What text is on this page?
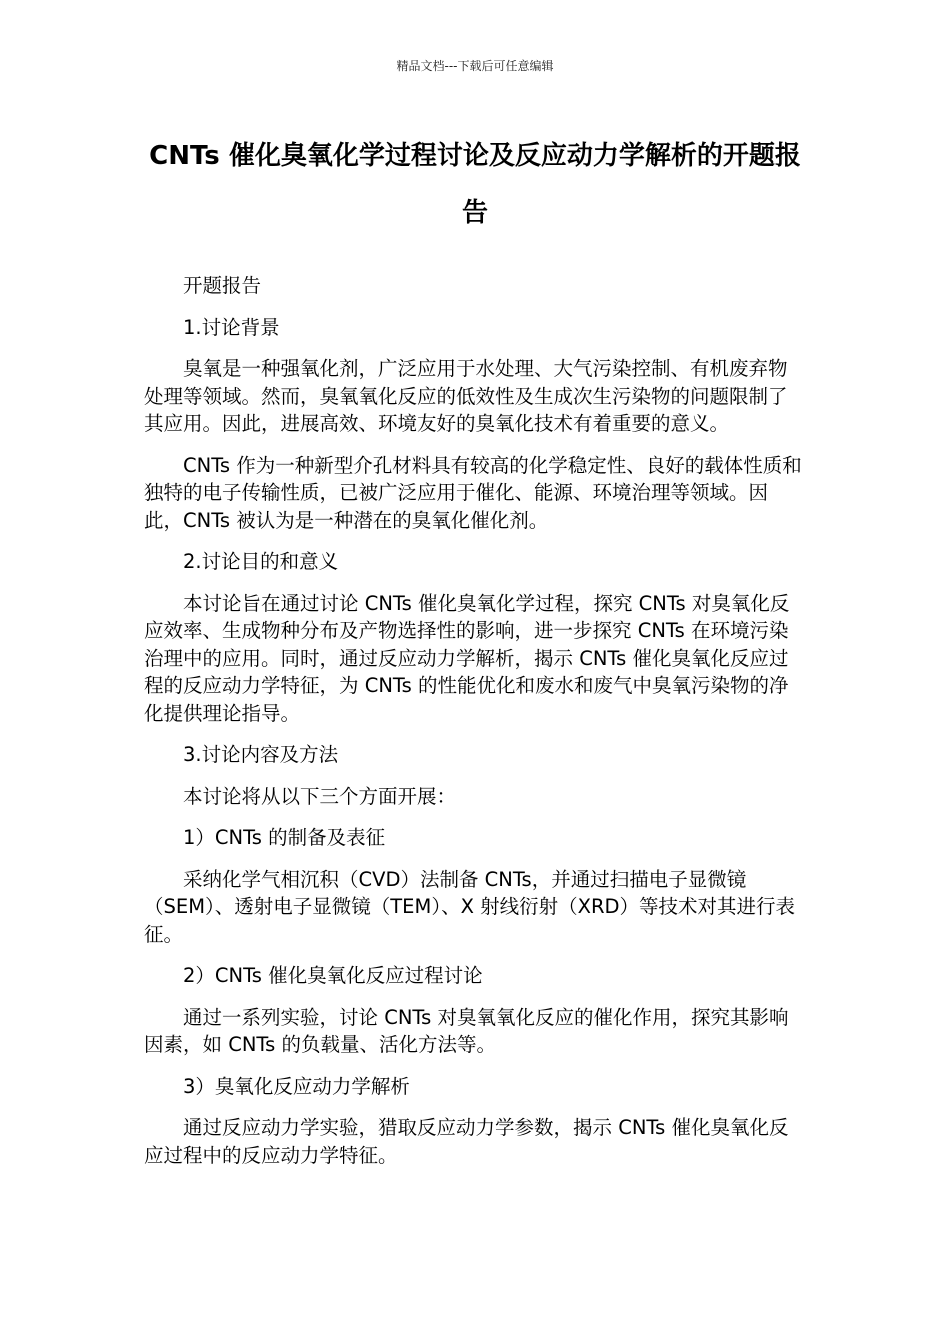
精品文档---下载后可任意编辑
CNTs 催化臭氧化学过程讨论及反应动力学解析的开题报告

开题报告

1.讨论背景

臭氧是一种强氧化剂，广泛应用于水处理、大气污染控制、有机废弃物处理等领域。然而，臭氧氧化反应的低效性及生成次生污染物的问题限制了其应用。因此，进展高效、环境友好的臭氧化技术有着重要的意义。

CNTs 作为一种新型介孔材料具有较高的化学稳定性、良好的载体性质和独特的电子传输性质，已被广泛应用于催化、能源、环境治理等领域。因此，CNTs 被认为是一种潜在的臭氧化催化剂。

2.讨论目的和意义

本讨论旨在通过讨论 CNTs 催化臭氧化学过程，探究 CNTs 对臭氧化反应效率、生成物种分布及产物选择性的影响，进一步探究 CNTs 在环境污染治理中的应用。同时，通过反应动力学解析，揭示 CNTs 催化臭氧化反应过程的反应动力学特征，为 CNTs 的性能优化和废水和废气中臭氧污染物的净化提供理论指导。

3.讨论内容及方法

本讨论将从以下三个方面开展：

1）CNTs 的制备及表征

采纳化学气相沉积（CVD）法制备 CNTs，并通过扫描电子显微镜（SEM）、透射电子显微镜（TEM）、X 射线衍射（XRD）等技术对其进行表征。

2）CNTs 催化臭氧化反应过程讨论

通过一系列实验，讨论 CNTs 对臭氧氧化反应的催化作用，探究其影响因素，如 CNTs 的负载量、活化方法等。

3）臭氧化反应动力学解析

通过反应动力学实验，猎取反应动力学参数，揭示 CNTs 催化臭氧化反应过程中的反应动力学特征。
